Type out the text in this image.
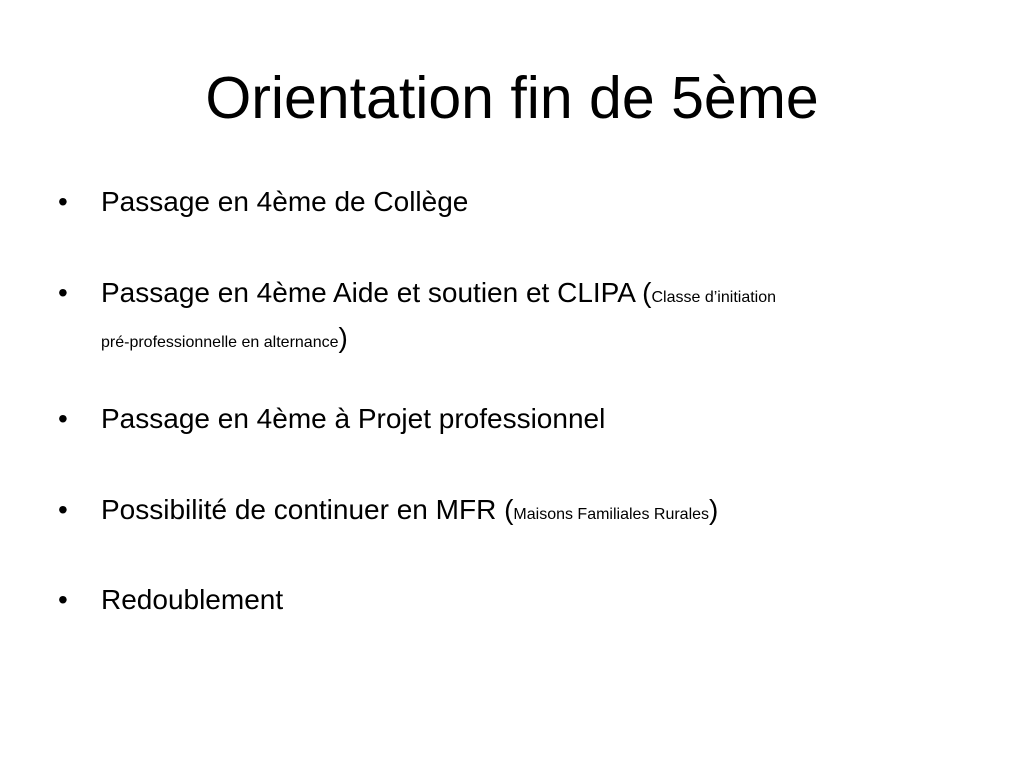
Orientation fin de 5ème
• Passage en 4ème de Collège
• Passage en 4ème Aide et soutien et CLIPA (Classe d’initiation
pré-professionnelle en alternance)
• Passage en 4ème à Projet professionnel
• Possibilité de continuer en MFR (Maisons Familiales Rurales)
• Redoublement
